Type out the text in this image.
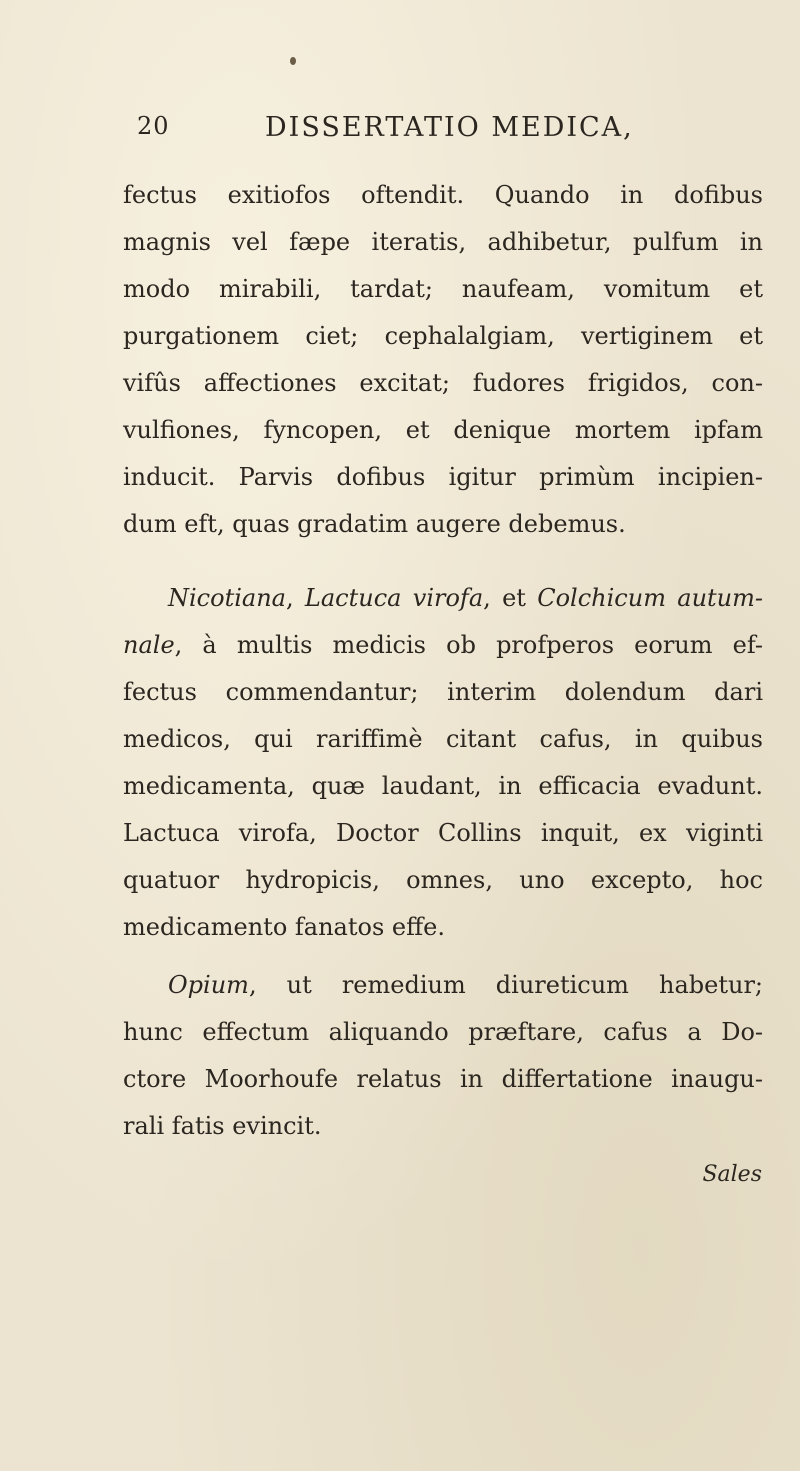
20	DISSERTATIO MEDICA,
fectus exitiofos oftendit. Quando in dofibus
magnis vel fæpe iteratis, adhibetur, pulfum in
modo mirabili, tardat; naufeam, vomitum et
purgationem ciet; cephalalgiam, vertiginem et
vifûs affectiones excitat; fudores frigidos, con-
vulfiones, fyncopen, et denique mortem ipfam
inducit. Parvis dofibus igitur primùm incipien-
dum eft, quas gradatim augere debemus.
Nicotiana, Lactuca virofa, et Colchicum autum-
nale, à multis medicis ob profperos eorum ef-
fectus commendantur; interim dolendum dari
medicos, qui rariffimè citant cafus, in quibus
medicamenta, quæ laudant, in efficacia evadunt.
Lactuca virofa, Doctor Collins inquit, ex viginti
quatuor hydropicis, omnes, uno excepto, hoc
medicamento fanatos effe.
Opium, ut remedium diureticum habetur;
hunc effectum aliquando præftare, cafus a Do-
ctore Moorhoufe relatus in differtatione inaugu-
rali fatis evincit.
Sales
